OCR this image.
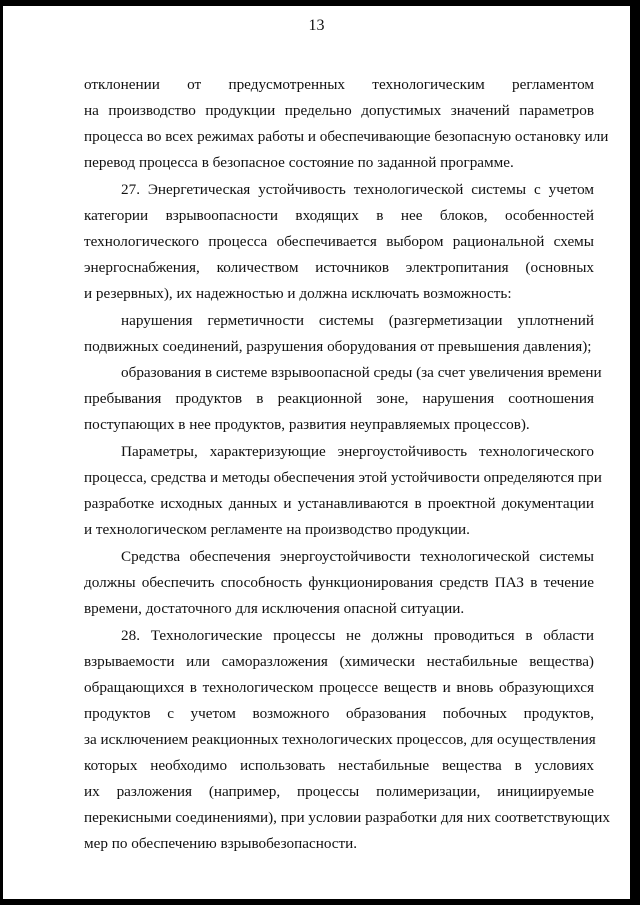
13
отклонении от предусмотренных технологическим регламентом
на производство продукции предельно допустимых значений параметров
процесса во всех режимах работы и обеспечивающие безопасную остановку или
перевод процесса в безопасное состояние по заданной программе.
27. Энергетическая устойчивость технологической системы с учетом
категории взрывоопасности входящих в нее блоков, особенностей
технологического процесса обеспечивается выбором рациональной схемы
энергоснабжения, количеством источников электропитания (основных
и резервных), их надежностью и должна исключать возможность:
нарушения герметичности системы (разгерметизации уплотнений
подвижных соединений, разрушения оборудования от превышения давления);
образования в системе взрывоопасной среды (за счет увеличения времени
пребывания продуктов в реакционной зоне, нарушения соотношения
поступающих в нее продуктов, развития неуправляемых процессов).
Параметры, характеризующие энергоустойчивость технологического
процесса, средства и методы обеспечения этой устойчивости определяются при
разработке исходных данных и устанавливаются в проектной документации
и технологическом регламенте на производство продукции.
Средства обеспечения энергоустойчивости технологической системы
должны обеспечить способность функционирования средств ПАЗ в течение
времени, достаточного для исключения опасной ситуации.
28. Технологические процессы не должны проводиться в области
взрываемости или саморазложения (химически нестабильные вещества)
обращающихся в технологическом процессе веществ и вновь образующихся
продуктов с учетом возможного образования побочных продуктов,
за исключением реакционных технологических процессов, для осуществления
которых необходимо использовать нестабильные вещества в условиях
их разложения (например, процессы полимеризации, инициируемые
перекисными соединениями), при условии разработки для них соответствующих
мер по обеспечению взрывобезопасности.
